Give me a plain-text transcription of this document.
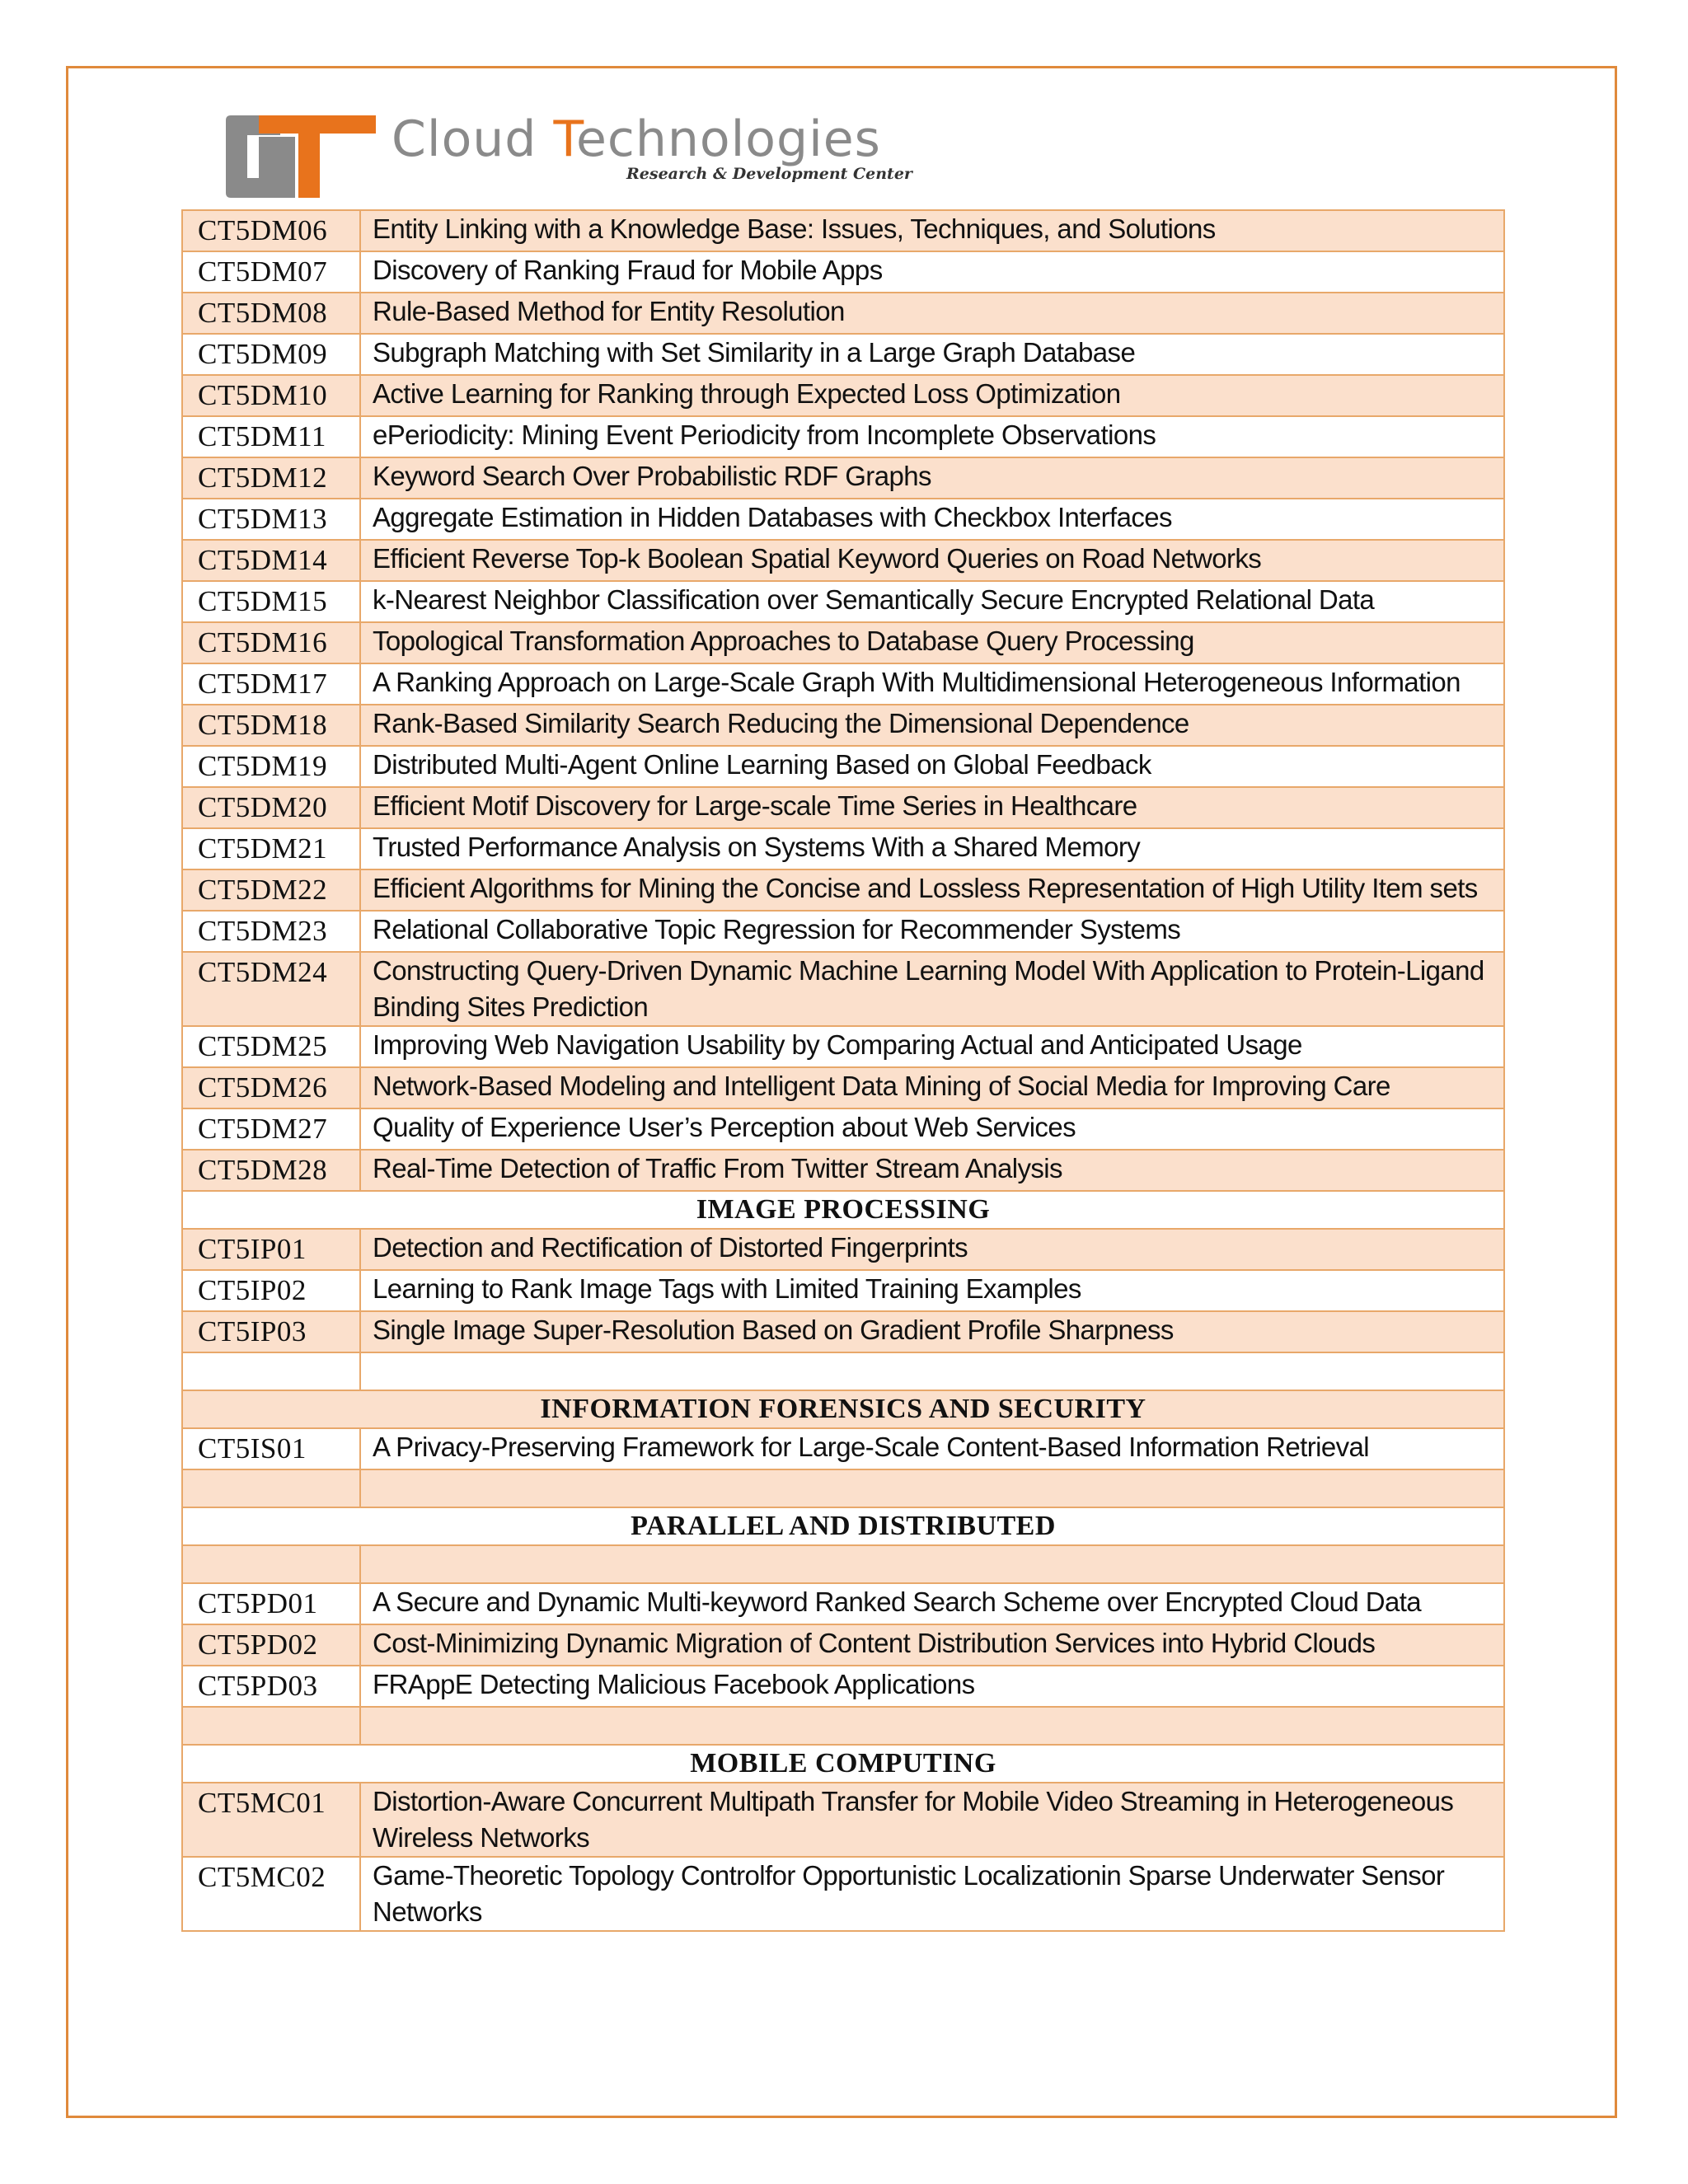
Cloud Technologies
Research & Development Center
CT5DM06	Entity Linking with a Knowledge Base: Issues, Techniques, and Solutions
CT5DM07	Discovery of Ranking Fraud for Mobile Apps
CT5DM08	Rule-Based Method for Entity Resolution
CT5DM09	Subgraph Matching with Set Similarity in a Large Graph Database
CT5DM10	Active Learning for Ranking through Expected Loss Optimization
CT5DM11	ePeriodicity: Mining Event Periodicity from Incomplete Observations
CT5DM12	Keyword Search Over Probabilistic RDF Graphs
CT5DM13	Aggregate Estimation in Hidden Databases with Checkbox Interfaces
CT5DM14	Efficient Reverse Top-k Boolean Spatial Keyword Queries on Road Networks
CT5DM15	k-Nearest Neighbor Classification over Semantically Secure Encrypted Relational Data
CT5DM16	Topological Transformation Approaches to Database Query Processing
CT5DM17	A Ranking Approach on Large-Scale Graph With Multidimensional Heterogeneous Information
CT5DM18	Rank-Based Similarity Search Reducing the Dimensional Dependence
CT5DM19	Distributed Multi-Agent Online Learning Based on Global Feedback
CT5DM20	Efficient Motif Discovery for Large-scale Time Series in Healthcare
CT5DM21	Trusted Performance Analysis on Systems With a Shared Memory
CT5DM22	Efficient Algorithms for Mining the Concise and Lossless Representation of High Utility Item sets
CT5DM23	Relational Collaborative Topic Regression for Recommender Systems
CT5DM24	Constructing Query-Driven Dynamic Machine Learning Model With Application to Protein-Ligand Binding Sites Prediction
CT5DM25	Improving Web Navigation Usability by Comparing Actual and Anticipated Usage
CT5DM26	Network-Based Modeling and Intelligent Data Mining of Social Media for Improving Care
CT5DM27	Quality of Experience User’s Perception about Web Services
CT5DM28	Real-Time Detection of Traffic From Twitter Stream Analysis
IMAGE PROCESSING	
CT5IP01	Detection and Rectification of Distorted Fingerprints
CT5IP02	Learning to Rank Image Tags with Limited Training Examples
CT5IP03	Single Image Super-Resolution Based on Gradient Profile Sharpness

INFORMATION FORENSICS AND SECURITY	
CT5IS01	A Privacy-Preserving Framework for Large-Scale Content-Based Information Retrieval

PARALLEL AND DISTRIBUTED	

CT5PD01	A Secure and Dynamic Multi-keyword Ranked Search Scheme over Encrypted Cloud Data
CT5PD02	Cost-Minimizing Dynamic Migration of Content Distribution Services into Hybrid Clouds
CT5PD03	FRAppE Detecting Malicious Facebook Applications

MOBILE COMPUTING	
CT5MC01	Distortion-Aware Concurrent Multipath Transfer for Mobile Video Streaming in Heterogeneous Wireless Networks
CT5MC02	Game-Theoretic Topology Controlfor Opportunistic Localizationin Sparse Underwater Sensor Networks
